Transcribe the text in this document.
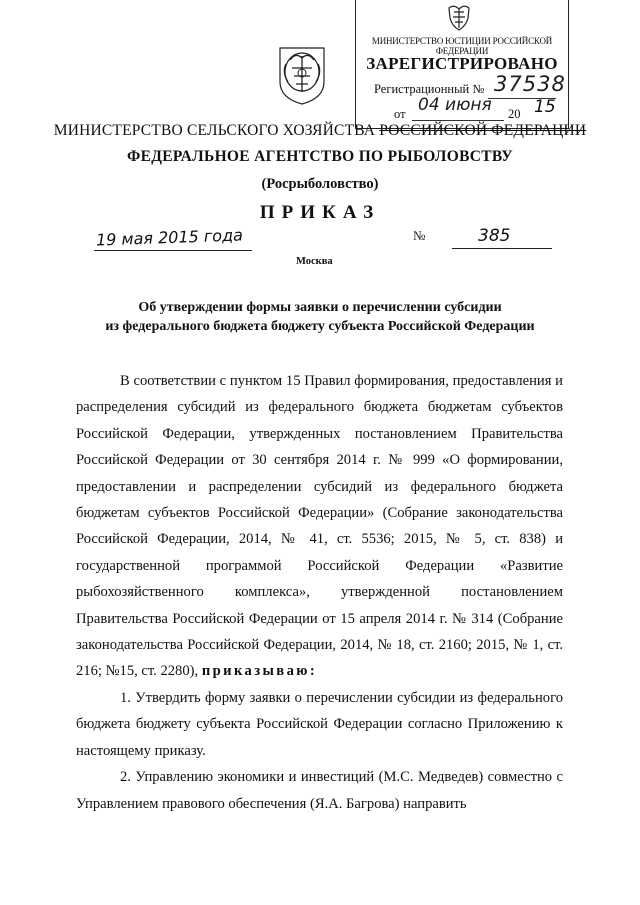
МИНИСТЕРСТВО ЮСТИЦИИ РОССИЙСКОЙ ФЕДЕРАЦИИ
ЗАРЕГИСТРИРОВАНО
Регистрационный № 37538
от 04 июня 20 15
МИНИСТЕРСТВО СЕЛЬСКОГО ХОЗЯЙСТВА РОССИЙСКОЙ ФЕДЕРАЦИИ
ФЕДЕРАЛЬНОЕ АГЕНТСТВО ПО РЫБОЛОВСТВУ
(Росрыболовство)
ПРИКАЗ
19 мая 2015 года	№	385
Москва
Об утверждении формы заявки о перечислении субсидии
из федерального бюджета бюджету субъекта Российской Федерации

В соответствии с пунктом 15 Правил формирования, предоставления и распределения субсидий из федерального бюджета бюджетам субъектов Российской Федерации, утвержденных постановлением Правительства Российской Федерации от 30 сентября 2014 г. № 999 «О формировании, предоставлении и распределении субсидий из федерального бюджета бюджетам субъектов Российской Федерации» (Собрание законодательства Российской Федерации, 2014, № 41, ст. 5536; 2015, № 5, ст. 838) и государственной программой Российской Федерации «Развитие рыбохозяйственного комплекса», утвержденной постановлением Правительства Российской Федерации от 15 апреля 2014 г. № 314 (Собрание законодательства Российской Федерации, 2014, № 18, ст. 2160; 2015, № 1, ст. 216; №15, ст. 2280), приказываю:

1. Утвердить форму заявки о перечислении субсидии из федерального бюджета бюджету субъекта Российской Федерации согласно Приложению к настоящему приказу.

2. Управлению экономики и инвестиций (М.С. Медведев) совместно с Управлением правового обеспечения (Я.А. Багрова) направить
